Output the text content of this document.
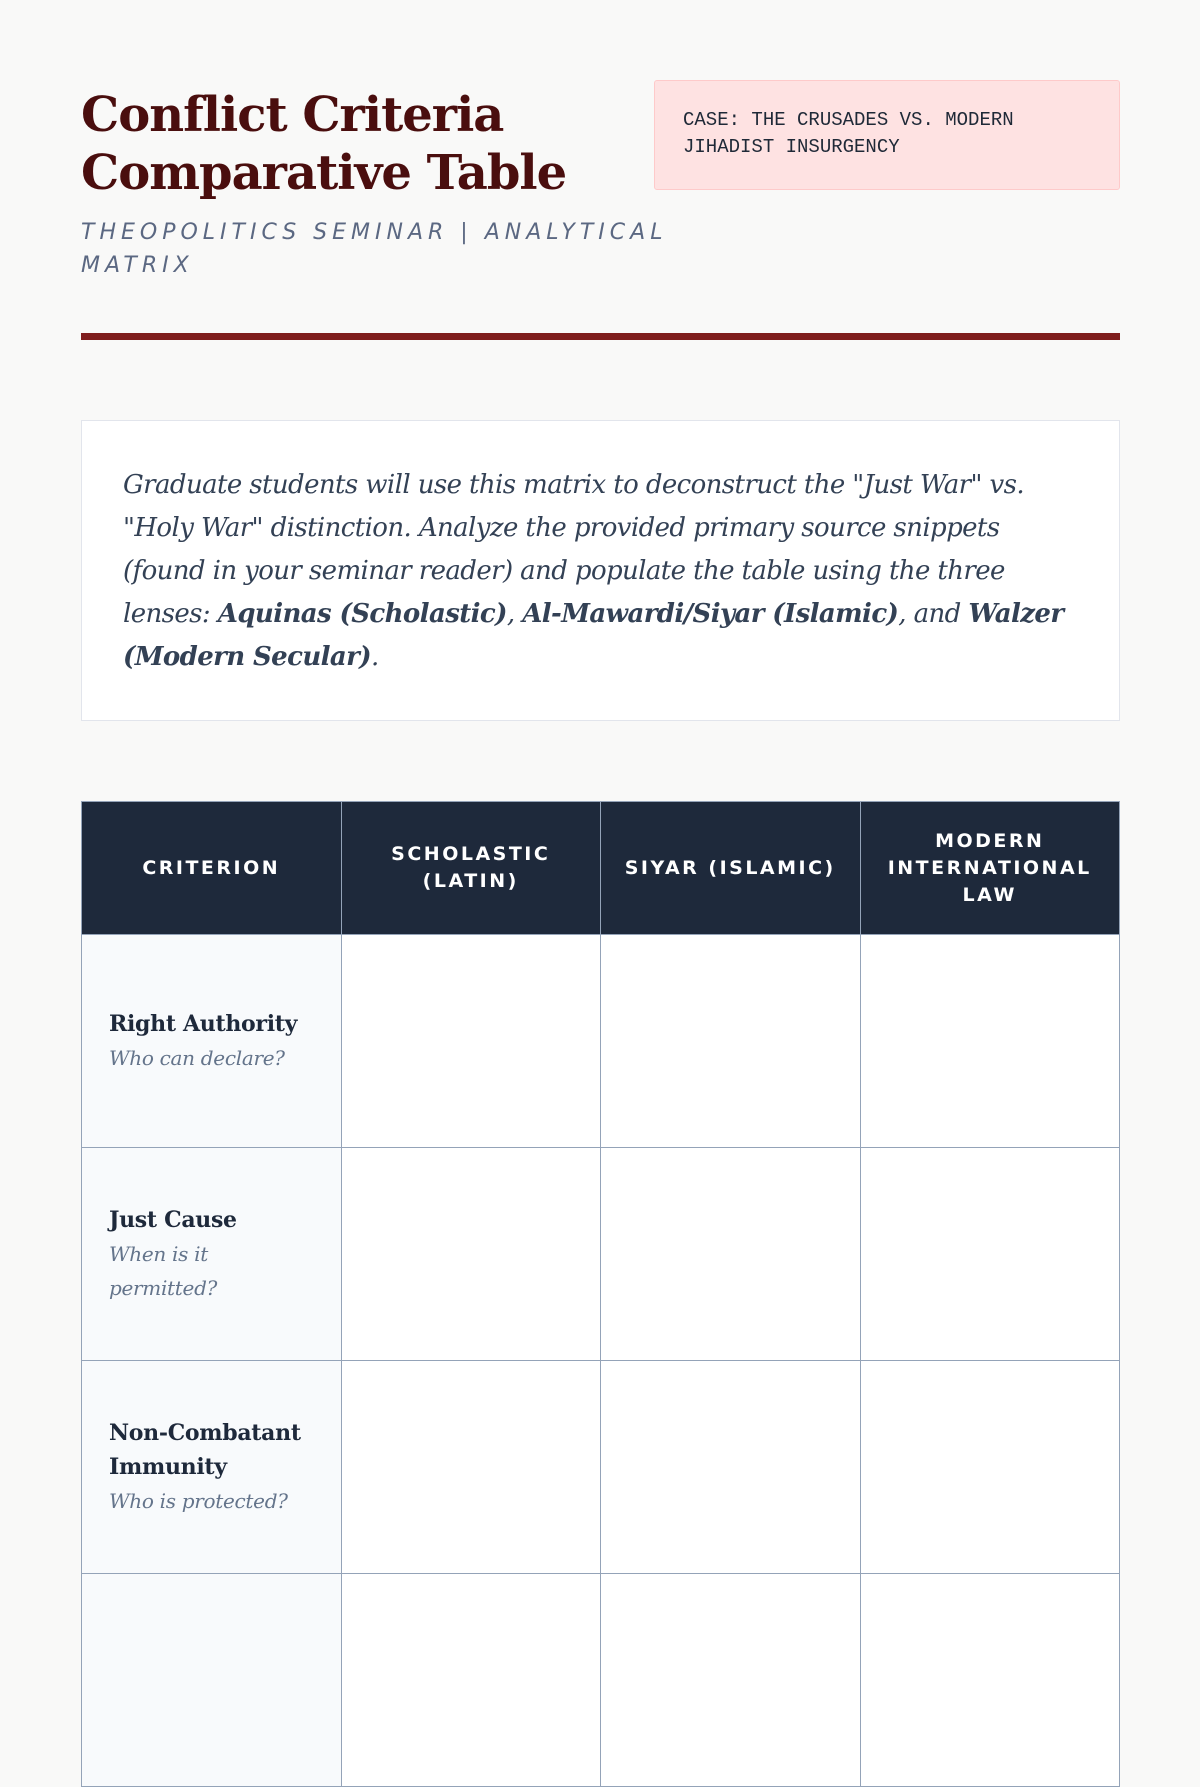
Conflict Criteria Comparative Table
THEOPOLITICS SEMINAR | ANALYTICAL MATRIX
CASE: THE CRUSADES VS. MODERN JIHADIST INSURGENCY
Graduate students will use this matrix to deconstruct the "Just War" vs. "Holy War" distinction. Analyze the provided primary source snippets (found in your seminar reader) and populate the table using the three lenses: Aquinas (Scholastic), Al-Mawardi/Siyar (Islamic), and Walzer (Modern Secular).
CRITERION	SCHOLASTIC (LATIN)	SIYAR (ISLAMIC)	MODERN INTERNATIONAL LAW

Right Authority
Who can declare?			

Just Cause
When is it permitted?			

Non-Combatant Immunity
Who is protected?			
